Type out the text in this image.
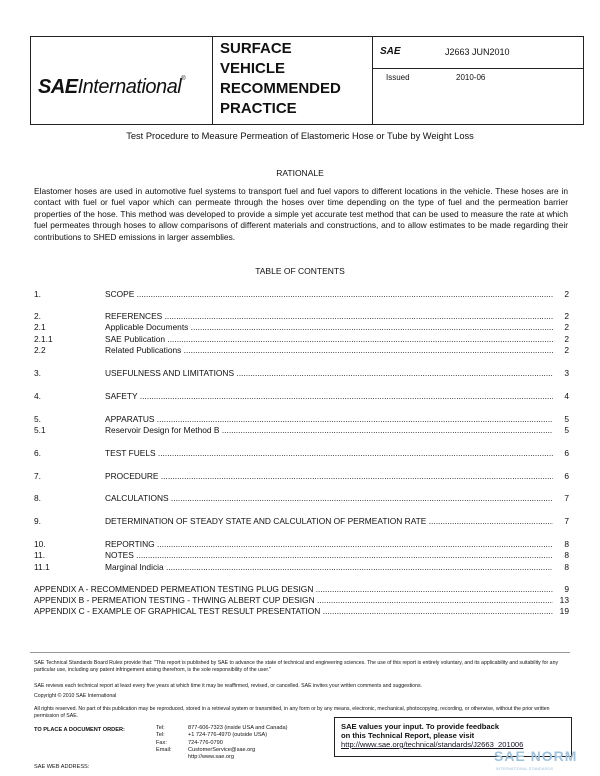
SAEInternational®
SURFACE
VEHICLE
RECOMMENDED
PRACTICE
SAE	J2663 JUN2010
Issued	2010-06
Test Procedure to Measure Permeation of Elastomeric Hose or Tube by Weight Loss
RATIONALE
Elastomer hoses are used in automotive fuel systems to transport fuel and fuel vapors to different locations in the vehicle. These hoses are in contact with fuel or fuel vapor which can permeate through the hoses over time depending on the type of fuel and the permeation barrier properties of the hose. This method was developed to provide a simple yet accurate test method that can be used to measure the rate at which fuel permeates through hoses to allow comparisons of different materials and constructions, and to allow estimates to be made regarding their contributions to SHED emissions in larger assemblies.
TABLE OF CONTENTS
1.	SCOPE .....	2
2.	REFERENCES .....	2
2.1	Applicable Documents .....	2
2.1.1	SAE Publication .....	2
2.2	Related Publications .....	2
3.	USEFULNESS AND LIMITATIONS .....	3
4.	SAFETY .....	4
5.	APPARATUS .....	5
5.1	Reservoir Design for Method B .....	5
6.	TEST FUELS .....	6
7.	PROCEDURE .....	6
8.	CALCULATIONS .....	7
9.	DETERMINATION OF STEADY STATE AND CALCULATION OF PERMEATION RATE .....	7
10.	REPORTING .....	8
11.	NOTES .....	8
11.1	Marginal Indicia .....	8
APPENDIX A - RECOMMENDED PERMEATION TESTING PLUG DESIGN .....	9
APPENDIX B - PERMEATION TESTING - THWING ALBERT CUP DESIGN .....	13
APPENDIX C - EXAMPLE OF GRAPHICAL TEST RESULT PRESENTATION .....	19
SAE Technical Standards Board Rules provide that: "This report is published by SAE to advance the state of technical and engineering sciences. The use of this report is entirely voluntary, and its applicability and suitability for any particular use, including any patent infringement arising therefrom, is the sole responsibility of the user."
SAE reviews each technical report at least every five years at which time it may be reaffirmed, revised, or cancelled. SAE invites your written comments and suggestions.
Copyright © 2010 SAE International
All rights reserved. No part of this publication may be reproduced, stored in a retrieval system or transmitted, in any form or by any means, electronic, mechanical, photocopying, recording, or otherwise, without the prior written permission of SAE.
TO PLACE A DOCUMENT ORDER:
SAE WEB ADDRESS:
Tel:	877-606-7323 (inside USA and Canada)
Tel:	+1 724-776-4970 (outside USA)
Fax:	724-776-0790
Email:	CustomerService@sae.org
http://www.sae.org
SAE values your input. To provide feedback
on this Technical Report, please visit
http://www.sae.org/technical/standards/J2663_201006
SAE NORM
INTERNATIONAL STANDARDS
